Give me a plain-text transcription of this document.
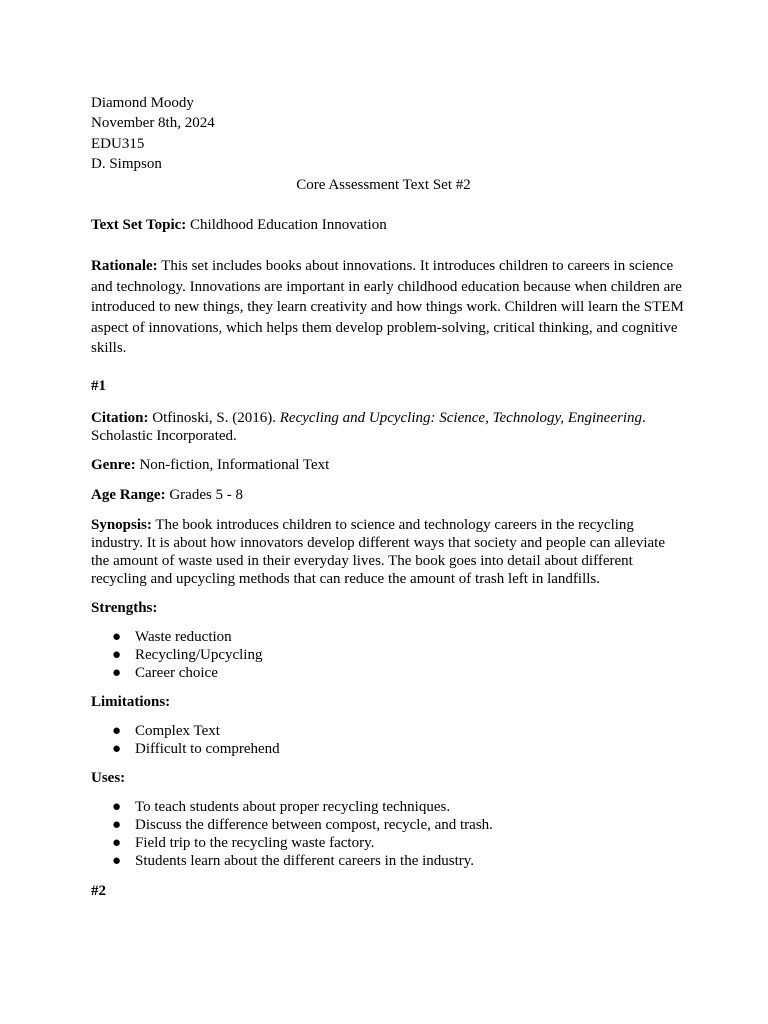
Diamond Moody

November 8th, 2024

EDU315

D. Simpson

Core Assessment Text Set #2

Text Set Topic: Childhood Education Innovation
Rationale: This set includes books about innovations. It introduces children to careers in science and technology. Innovations are important in early childhood education because when children are introduced to new things, they learn creativity and how things work. Children will learn the STEM aspect of innovations, which helps them develop problem-solving, critical thinking, and cognitive skills.
#1
Citation: Otfinoski, S. (2016). Recycling and Upcycling: Science, Technology, Engineering. Scholastic Incorporated.
Genre: Non-fiction, Informational Text
Age Range: Grades 5 - 8
Synopsis: The book introduces children to science and technology careers in the recycling industry. It is about how innovators develop different ways that society and people can alleviate the amount of waste used in their everyday lives. The book goes into detail about different recycling and upcycling methods that can reduce the amount of trash left in landfills.
Strengths:
● Waste reduction
● Recycling/Upcycling
● Career choice
Limitations:
● Complex Text
● Difficult to comprehend
Uses:
● To teach students about proper recycling techniques.
● Discuss the difference between compost, recycle, and trash.
● Field trip to the recycling waste factory.
● Students learn about the different careers in the industry.
#2
